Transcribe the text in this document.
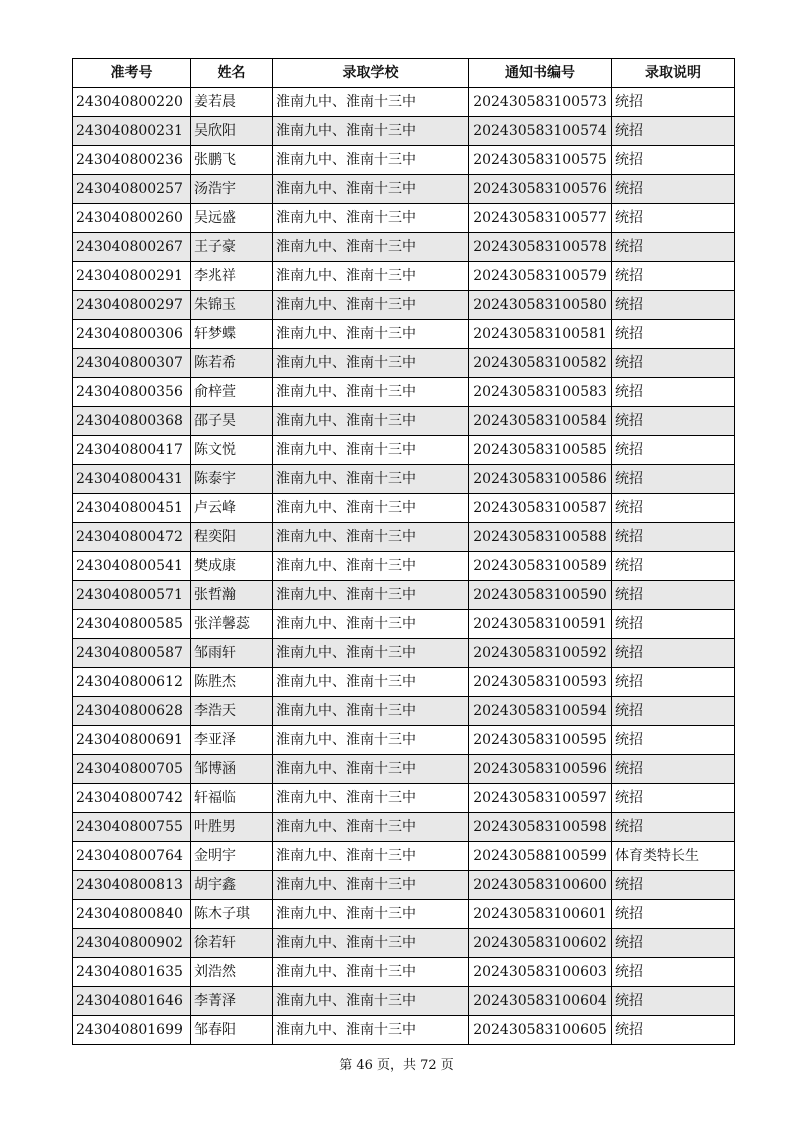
准考号	姓名	录取学校	通知书编号	录取说明
243040800220	姜若晨	淮南九中、淮南十三中	202430583100573	统招
243040800231	吴欣阳	淮南九中、淮南十三中	202430583100574	统招
243040800236	张鹏飞	淮南九中、淮南十三中	202430583100575	统招
243040800257	汤浩宇	淮南九中、淮南十三中	202430583100576	统招
243040800260	吴远盛	淮南九中、淮南十三中	202430583100577	统招
243040800267	王子豪	淮南九中、淮南十三中	202430583100578	统招
243040800291	李兆祥	淮南九中、淮南十三中	202430583100579	统招
243040800297	朱锦玉	淮南九中、淮南十三中	202430583100580	统招
243040800306	轩梦蝶	淮南九中、淮南十三中	202430583100581	统招
243040800307	陈若希	淮南九中、淮南十三中	202430583100582	统招
243040800356	俞梓萱	淮南九中、淮南十三中	202430583100583	统招
243040800368	邵子昊	淮南九中、淮南十三中	202430583100584	统招
243040800417	陈文悦	淮南九中、淮南十三中	202430583100585	统招
243040800431	陈泰宇	淮南九中、淮南十三中	202430583100586	统招
243040800451	卢云峰	淮南九中、淮南十三中	202430583100587	统招
243040800472	程奕阳	淮南九中、淮南十三中	202430583100588	统招
243040800541	樊成康	淮南九中、淮南十三中	202430583100589	统招
243040800571	张哲瀚	淮南九中、淮南十三中	202430583100590	统招
243040800585	张洋馨蕊	淮南九中、淮南十三中	202430583100591	统招
243040800587	邹雨轩	淮南九中、淮南十三中	202430583100592	统招
243040800612	陈胜杰	淮南九中、淮南十三中	202430583100593	统招
243040800628	李浩天	淮南九中、淮南十三中	202430583100594	统招
243040800691	李亚泽	淮南九中、淮南十三中	202430583100595	统招
243040800705	邹博涵	淮南九中、淮南十三中	202430583100596	统招
243040800742	轩福临	淮南九中、淮南十三中	202430583100597	统招
243040800755	叶胜男	淮南九中、淮南十三中	202430583100598	统招
243040800764	金明宇	淮南九中、淮南十三中	202430588100599	体育类特长生
243040800813	胡宇鑫	淮南九中、淮南十三中	202430583100600	统招
243040800840	陈木子琪	淮南九中、淮南十三中	202430583100601	统招
243040800902	徐若轩	淮南九中、淮南十三中	202430583100602	统招
243040801635	刘浩然	淮南九中、淮南十三中	202430583100603	统招
243040801646	李菁泽	淮南九中、淮南十三中	202430583100604	统招
243040801699	邹春阳	淮南九中、淮南十三中	202430583100605	统招
第 46 页，共 72 页
